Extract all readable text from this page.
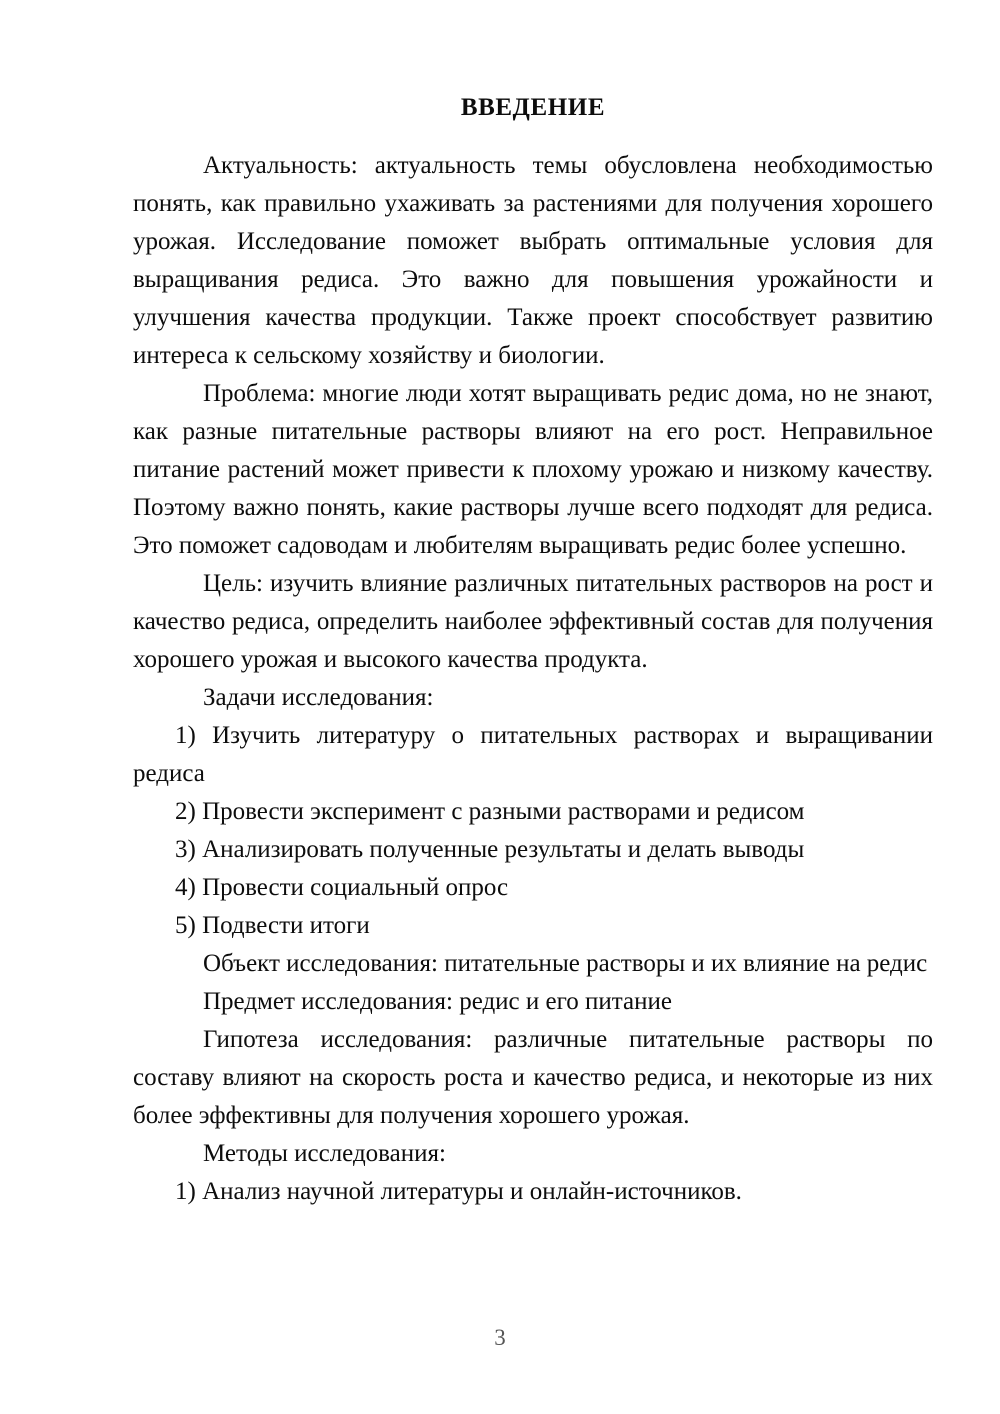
ВВЕДЕНИЕ

Актуальность: актуальность темы обусловлена необходимостью понять, как правильно ухаживать за растениями для получения хорошего урожая. Исследование поможет выбрать оптимальные условия для выращивания редиса. Это важно для повышения урожайности и улучшения качества продукции. Также проект способствует развитию интереса к сельскому хозяйству и биологии.

Проблема: многие люди хотят выращивать редис дома, но не знают, как разные питательные растворы влияют на его рост. Неправильное питание растений может привести к плохому урожаю и низкому качеству. Поэтому важно понять, какие растворы лучше всего подходят для редиса. Это поможет садоводам и любителям выращивать редис более успешно.

Цель: изучить влияние различных питательных растворов на рост и качество редиса, определить наиболее эффективный состав для получения хорошего урожая и высокого качества продукта.

Задачи исследования:

1) Изучить литературу о питательных растворах и выращивании редиса

2) Провести эксперимент с разными растворами и редисом

3) Анализировать полученные результаты и делать выводы

4) Провести социальный опрос

5) Подвести итоги

Объект исследования: питательные растворы и их влияние на редис

Предмет исследования: редис и его питание

Гипотеза исследования: различные питательные растворы по составу влияют на скорость роста и качество редиса, и некоторые из них более эффективны для получения хорошего урожая.

Методы исследования:

1) Анализ научной литературы и онлайн-источников.

3
